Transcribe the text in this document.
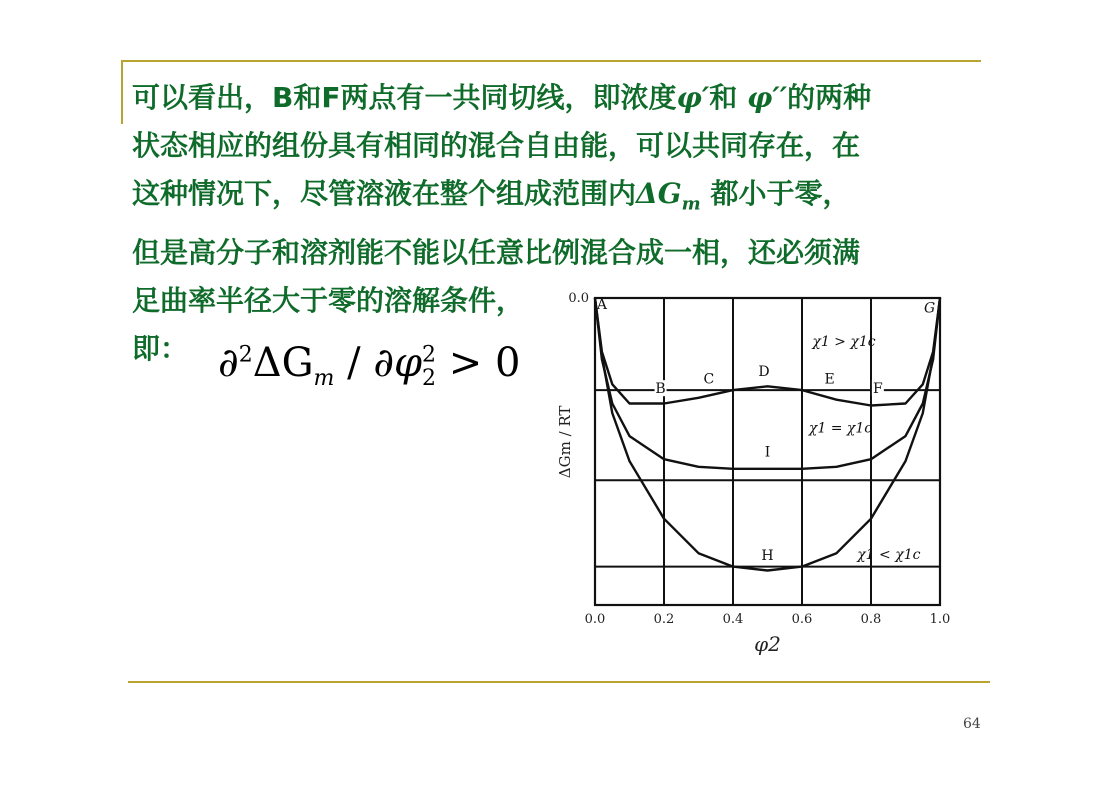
可以看出，B和F两点有一共同切线，即浓度φ′和 φ′′的两种
状态相应的组份具有相同的混合自由能，可以共同存在，在
这种情况下，尽管溶液在整个组成范围内$\Delta G_m$ 都小于零，
但是高分子和溶剂能不能以任意比例混合成一相，还必须满
足曲率半径大于零的溶解条件，
即： $\partial^2\Delta G_m / \partial\varphi^2_2 > 0$
0.0	0.2	0.4	0.6	0.8	1.0
0.0
φ2
ΔGm / RT
A	G
B
C	D	E
F
I
H
χ1 > χ1c
χ1 = χ1c
χ1 < χ1c
64
